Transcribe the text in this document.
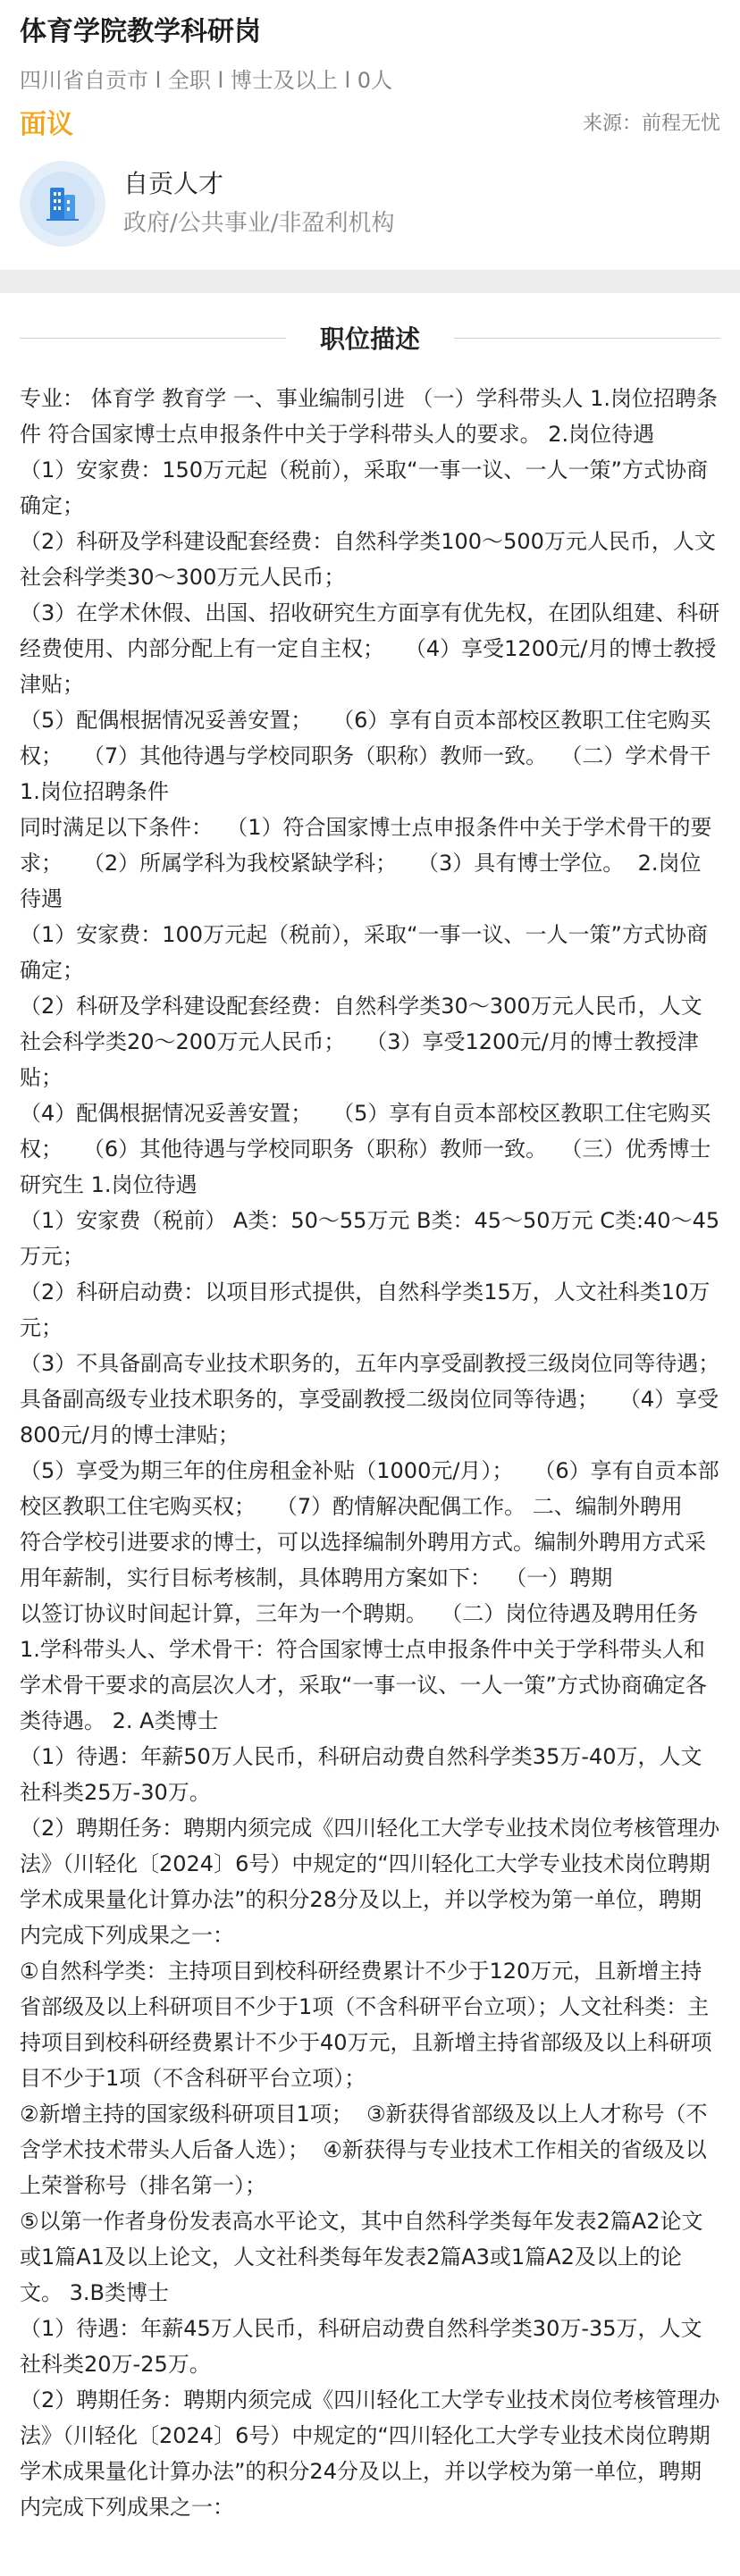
体育学院教学科研岗
四川省自贡市 l 全职 l 博士及以上 l 0人
面议	来源：前程无忧
自贡人才
政府/公共事业/非盈利机构
职位描述

专业： 体育学 教育学 一、事业编制引进 （一）学科带头人 1.岗位招聘条件 符合国家博士点申报条件中关于学科带头人的要求。 2.岗位待遇

（1）安家费：150万元起（税前），采取“一事一议、一人一策”方式协商确定；

（2）科研及学科建设配套经费：自然科学类100～500万元人民币，人文社会科学类30～300万元人民币；

（3）在学术休假、出国、招收研究生方面享有优先权，在团队组建、科研经费使用、内部分配上有一定自主权；   （4）享受1200元/月的博士教授津贴；

（5）配偶根据情况妥善安置；   （6）享有自贡本部校区教职工住宅购买权；   （7）其他待遇与学校同职务（职称）教师一致。  （二）学术骨干 1.岗位招聘条件

同时满足以下条件：  （1）符合国家博士点申报条件中关于学术骨干的要求；   （2）所属学科为我校紧缺学科；   （3）具有博士学位。  2.岗位待遇

（1）安家费：100万元起（税前），采取“一事一议、一人一策”方式协商确定；

（2）科研及学科建设配套经费：自然科学类30～300万元人民币，人文社会科学类20～200万元人民币；   （3）享受1200元/月的博士教授津贴；

（4）配偶根据情况妥善安置；   （5）享有自贡本部校区教职工住宅购买权；   （6）其他待遇与学校同职务（职称）教师一致。  （三）优秀博士研究生 1.岗位待遇

（1）安家费（税前） A类：50～55万元 B类：45～50万元 C类:40～45万元；

（2）科研启动费：以项目形式提供，自然科学类15万，人文社科类10万元；

（3）不具备副高专业技术职务的，五年内享受副教授三级岗位同等待遇；具备副高级专业技术职务的，享受副教授二级岗位同等待遇；   （4）享受800元/月的博士津贴；

（5）享受为期三年的住房租金补贴（1000元/月）；   （6）享有自贡本部校区教职工住宅购买权；   （7）酌情解决配偶工作。 二、编制外聘用

符合学校引进要求的博士，可以选择编制外聘用方式。编制外聘用方式采用年薪制，实行目标考核制，具体聘用方案如下：  （一）聘期

以签订协议时间起计算，三年为一个聘期。  （二）岗位待遇及聘用任务

1.学科带头人、学术骨干：符合国家博士点申报条件中关于学科带头人和学术骨干要求的高层次人才，采取“一事一议、一人一策”方式协商确定各类待遇。 2. A类博士

（1）待遇：年薪50万人民币，科研启动费自然科学类35万-40万，人文社科类25万-30万。

（2）聘期任务：聘期内须完成《四川轻化工大学专业技术岗位考核管理办法》（川轻化〔2024〕6号）中规定的“四川轻化工大学专业技术岗位聘期学术成果量化计算办法”的积分28分及以上，并以学校为第一单位，聘期内完成下列成果之一：

①自然科学类：主持项目到校科研经费累计不少于120万元，且新增主持省部级及以上科研项目不少于1项（不含科研平台立项）；人文社科类：主持项目到校科研经费累计不少于40万元，且新增主持省部级及以上科研项目不少于1项（不含科研平台立项）；

②新增主持的国家级科研项目1项；  ③新获得省部级及以上人才称号（不含学术技术带头人后备人选）；  ④新获得与专业技术工作相关的省级及以上荣誉称号（排名第一）；

⑤以第一作者身份发表高水平论文，其中自然科学类每年发表2篇A2论文或1篇A1及以上论文，人文社科类每年发表2篇A3或1篇A2及以上的论文。 3.B类博士

（1）待遇：年薪45万人民币，科研启动费自然科学类30万-35万，人文社科类20万-25万。

（2）聘期任务：聘期内须完成《四川轻化工大学专业技术岗位考核管理办法》（川轻化〔2024〕6号）中规定的“四川轻化工大学专业技术岗位聘期学术成果量化计算办法”的积分24分及以上，并以学校为第一单位，聘期内完成下列成果之一：
